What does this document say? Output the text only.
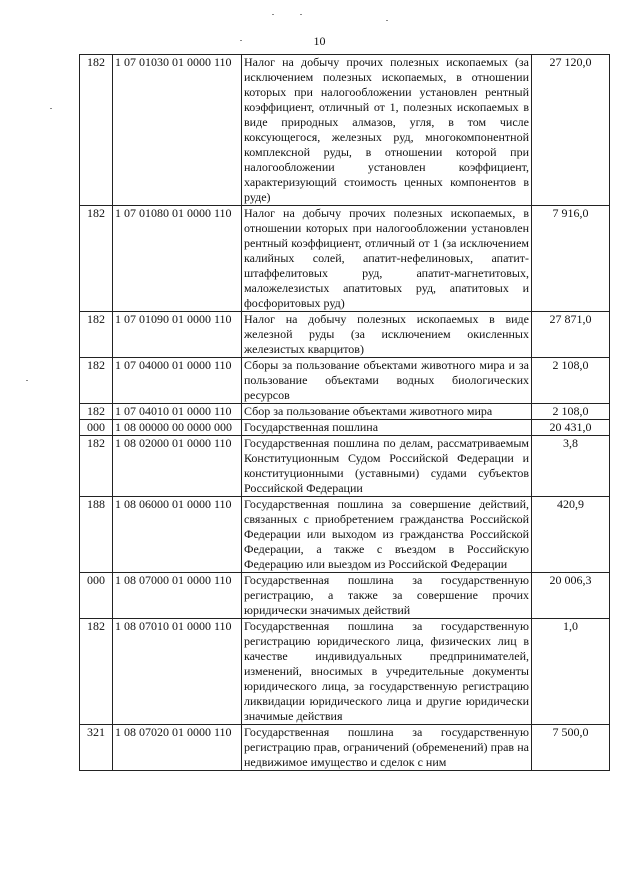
10
182	1 07 01030 01 0000 110	Налог на добычу прочих полезных ископаемых (за исключением полезных ископаемых, в отношении которых при налогообложении установлен рентный коэффициент, отличный от 1, полезных ископаемых в виде природных алмазов, угля, в том числе коксующегося, железных руд, многокомпонентной комплексной руды, в отношении которой при налогообложении установлен коэффициент, характеризующий стоимость ценных компонентов в руде)	27 120,0
182	1 07 01080 01 0000 110	Налог на добычу прочих полезных ископаемых, в отношении которых при налогообложении установлен рентный коэффициент, отличный от 1 (за исключением калийных солей, апатит-нефелиновых, апатит-штаффелитовых руд, апатит-магнетитовых, маложелезистых апатитовых руд, апатитовых и фосфоритовых руд)	7 916,0
182	1 07 01090 01 0000 110	Налог на добычу полезных ископаемых в виде железной руды (за исключением окисленных железистых кварцитов)	27 871,0
182	1 07 04000 01 0000 110	Сборы за пользование объектами животного мира и за пользование объектами водных биологических ресурсов	2 108,0
182	1 07 04010 01 0000 110	Сбор за пользование объектами животного мира	2 108,0
000	1 08 00000 00 0000 000	Государственная пошлина	20 431,0
182	1 08 02000 01 0000 110	Государственная пошлина по делам, рассматриваемым Конституционным Судом Российской Федерации и конституционными (уставными) судами субъектов Российской Федерации	3,8
188	1 08 06000 01 0000 110	Государственная пошлина за совершение действий, связанных с приобретением гражданства Российской Федерации или выходом из гражданства Российской Федерации, а также с въездом в Российскую Федерацию или выездом из Российской Федерации	420,9
000	1 08 07000 01 0000 110	Государственная пошлина за государственную регистрацию, а также за совершение прочих юридически значимых действий	20 006,3
182	1 08 07010 01 0000 110	Государственная пошлина за государственную регистрацию юридического лица, физических лиц в качестве индивидуальных предпринимателей, изменений, вносимых в учредительные документы юридического лица, за государственную регистрацию ликвидации юридического лица и другие юридически значимые действия	1,0
321	1 08 07020 01 0000 110	Государственная пошлина за государственную регистрацию прав, ограничений (обременений) прав на недвижимое имущество и сделок с ним	7 500,0
